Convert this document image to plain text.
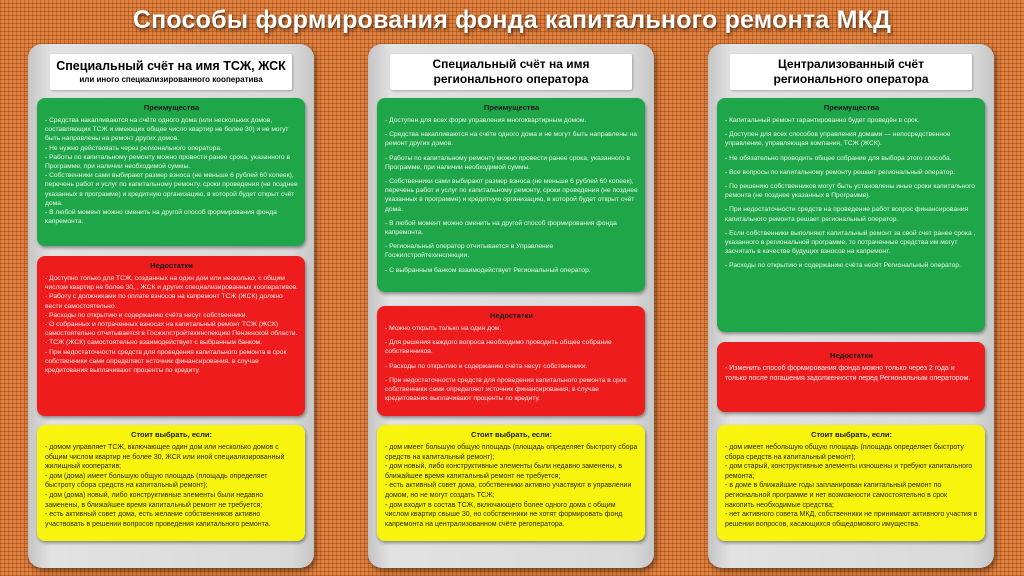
Способы формирования фонда капитального ремонта МКД
Специальный счёт на имя ТСЖ, ЖСК
или иного специализированного кооператива
Преимущества

- Средства накапливаются на счёте одного дома (или нескольких домов, составляющих ТСЖ и имеющих общее число квартир не более 30) и не могут быть направлены на ремонт других домов.

- Не нужно действовать через регионального оператора.

- Работы по капитальному ремонту можно провести ранее срока, указанного в Программе, при наличии необходимой суммы.

- Собственники сами выбирают размер взноса (не меньше 6 рублей 60 копеек), перечень работ и услуг по капитальному ремонту, сроки проведения (не позднее указанных в программе) и кредитную организацию, в которой будет открыт счёт дома.

- В любой момент можно сменить на другой способ формирования фонда капремонта.

Недостатки

- Доступно только для ТСЖ, созданных на один дом или несколько, с общим числом квартир не более 30, , ЖСК и других специализированных кооперативов.

- Работу с должниками по оплате взносов на капремонт ТСЖ (ЖСК) должно вести самостоятельно.

- Расходы по открытию и содержанию счёта несут собственники.

- О собранных и потраченных взносах на капитальный ремонт ТСЖ (ЖСК) самостоятельно отчитывается в Госжилстройтехинспекцию Пензенской области.

- ТСЖ (ЖСК) самостоятельно взаимодействует с выбранным банком.

- При недостаточности средств для проведения капитального ремонта в срок собственники сами определяют источник финансирования, в случае кредитования выплачивают проценты по кредиту.

Стоит выбрать, если:

- домом управляет ТСЖ, включающее один дом или несколько домов с общим числом квартир не более 30, ЖСК или иной специализированный жилищный кооператив;

- дом (дома) имеет большую общую площадь (площадь определяет быстроту сбора средств на капитальный ремонт);

- дом (дома) новый, либо конструктивные элементы были недавно заменены, в ближайшее время капитальный ремонт не требуется;

- есть активный совет дома, есть желание собственников активно участвовать в решении вопросов проведения капитального ремонта.

Специальный счёт на имя
регионального оператора
Преимущества

- Доступен для всех форм управления многоквартирным домом.

- Средства накапливаются на счёте одного дома и не могут быть направлены на ремонт других домов.

- Работы по капитальному ремонту можно провести ранее срока, указанного в Программе, при наличии необходимой суммы.

- Собственники сами выбирают размер взноса (не меньше 6 рублей 60 копеек), перечень работ и услуг по капитальному ремонту, сроки проведения (не позднее указанных в программе) и кредитную организацию, в которой будет открыт счёт дома.

- В любой момент можно сменить на другой способ формирования фонда капремонта.

- Региональный оператор отчитывается в Управление Госжилстройтехинспекции.

- С выбранным банком взаимодействует Региональный оператор.

Недостатки

- Можно открыть только на один дом.

- Для решения каждого вопроса необходимо проводить общее собрание собственников.

- Расходы по открытию и содержанию счёта несут собственники.

- При недостаточности средств для проведения капитального ремонта в срок собственники сами определяют источник финансирования, в случае кредитования выплачивают проценты по кредиту.

Стоит выбрать, если:

- дом имеет большую общую площадь (площадь определяет быстроту сбора средств на капитальный ремонт);

- дом новый, либо конструктивные элементы были недавно заменены, в ближайшее время капитальный ремонт не требуется;

- есть активный совет дома, собственники активно участвуют в управлении домом, но не могут создать ТСЖ;

- дом входит в состав ТСЖ, включающего более одного дома с общим числом квартир свыше 30, но собственники не хотят формировать фонд капремонта на централизованном счёте регоператора.

Централизованный счёт
регионального оператора
Преимущества

- Капитальный ремонт гарантированно будет проведён в срок.

- Доступен для всех способов управления домами — непосредственное управление, управляющая компания, ТСЖ (ЖСК).

- Не обязательно проводить общее собрание для выбора этого способа.

- Все вопросы по капитальному ремонту решает региональный оператор.

- По решению собственников могут быть установлены иные сроки капитального ремонта (не позднее указанных в Программе).

- При недостаточности средств на проведение работ вопрос финансирования капитального ремонта решает региональный оператор.

- Если собственники выполняют капитальный ремонт за свой счет ранее срока , указанного в региональной программе, то потраченные средства им могут засчитать в качестве будущих взносов на капремонт.

- Расходы по открытию и содержанию счёта несёт Региональный оператор.

Недостатки

- Изменить способ формирования фонда можно только через 2 года и только после погашения задолженности перед Региональным оператором.

Стоит выбрать, если:

- дом имеет небольшую общую площадь (площадь определяет быстроту сбора средств на капитальный ремонт);

- дом старый, конструктивные элементы изношены и требуют капитального ремонта;

- в доме в ближайшие годы запланирован капитальный ремонт по региональной программе и нет возможности самостоятельно в срок накопить необходимые средства;

- нет активного совета МКД, собственники не принимают активного участия в решении вопросов, касающихся общедомового имущества.
